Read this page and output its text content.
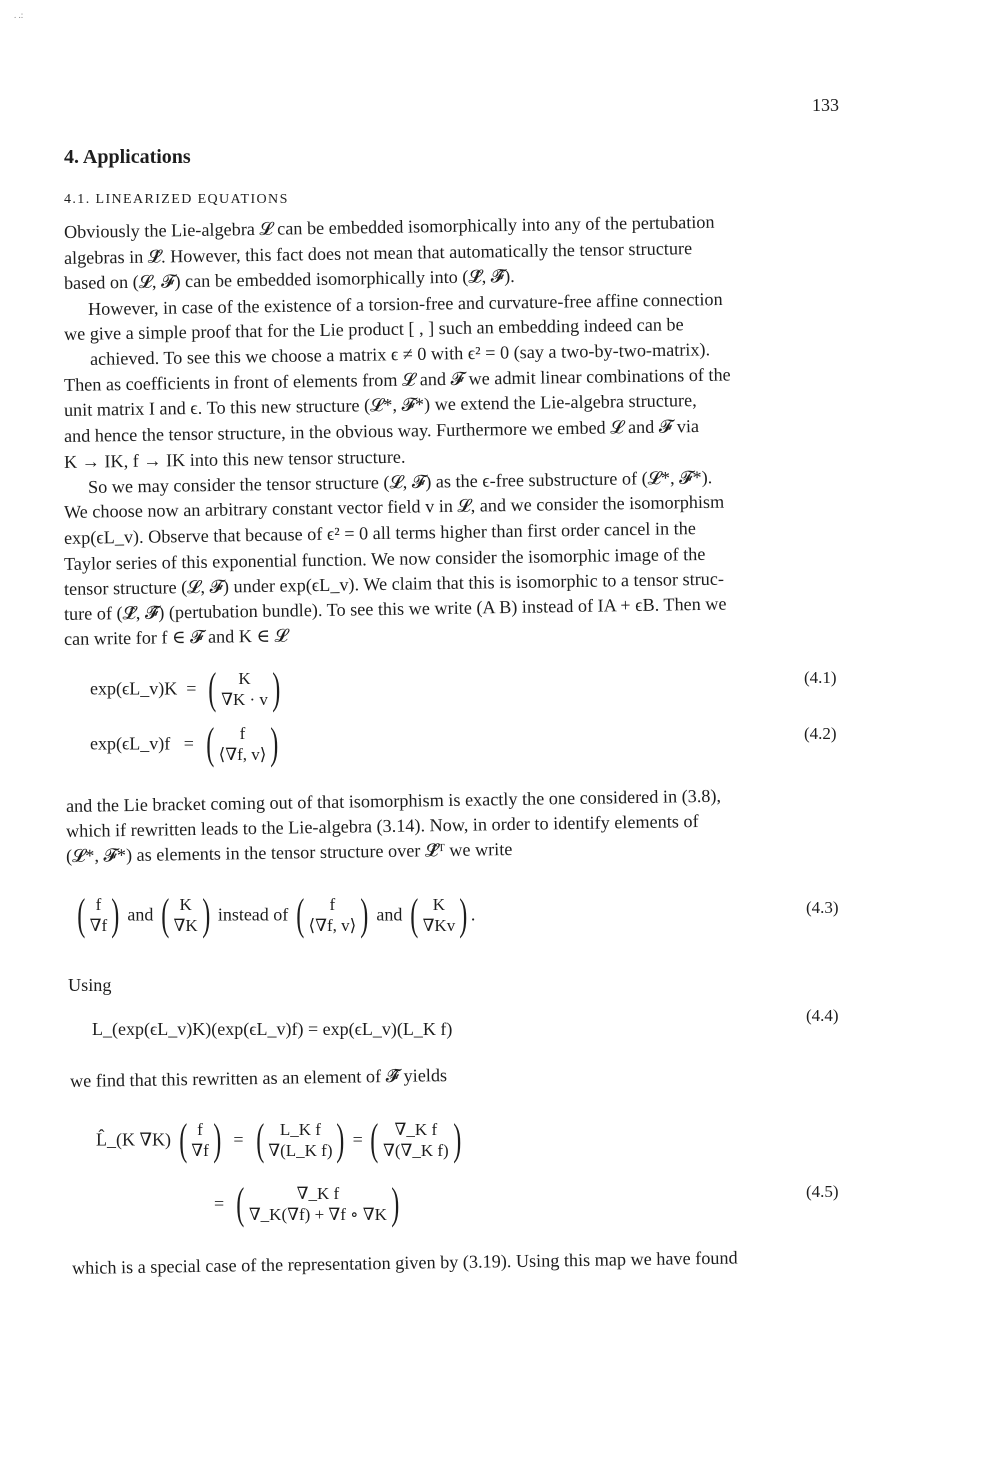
. .:
133
4. Applications
4.1. LINEARIZED EQUATIONS
Obviously the Lie-algebra 𝓛 can be embedded isomorphically into any of the pertubation
algebras in 𝓛̂. However, this fact does not mean that automatically the tensor structure
based on (𝓛, 𝓕) can be embedded isomorphically into (𝓛̂, 𝓕̂).
However, in case of the existence of a torsion-free and curvature-free affine connection
we give a simple proof that for the Lie product [ , ] such an embedding indeed can be
achieved. To see this we choose a matrix ϵ ≠ 0 with ϵ² = 0 (say a two-by-two-matrix).
Then as coefficients in front of elements from 𝓛 and 𝓕 we admit linear combinations of the
unit matrix I and ϵ. To this new structure (𝓛*, 𝓕*) we extend the Lie-algebra structure,
and hence the tensor structure, in the obvious way. Furthermore we embed 𝓛 and 𝓕 via
K → IK, f → IK into this new tensor structure.
So we may consider the tensor structure (𝓛, 𝓕) as the ϵ-free substructure of (𝓛*, 𝓕*).
We choose now an arbitrary constant vector field v in 𝓛, and we consider the isomorphism
exp(ϵL_v). Observe that because of ϵ² = 0 all terms higher than first order cancel in the
Taylor series of this exponential function. We now consider the isomorphic image of the
tensor structure (𝓛, 𝓕) under exp(ϵL_v). We claim that this is isomorphic to a tensor struc-
ture of (𝓛̂, 𝓕̂) (pertubation bundle). To see this we write (A B) instead of IA + ϵB. Then we
can write for f ∈ 𝓕 and K ∈ 𝓛
exp(ϵL_v)K = ( K
∇K · v )	(4.1)
exp(ϵL_v)f = ( f
⟨∇f, v⟩ )	(4.2)
and the Lie bracket coming out of that isomorphism is exactly the one considered in (3.8),
which if rewritten leads to the Lie-algebra (3.14). Now, in order to identify elements of
(𝓛*, 𝓕*) as elements in the tensor structure over 𝓛̂ᵀ we write
( f
∇f ) and ( K
∇K ) instead of ( f
⟨∇f, v⟩ ) and ( K
∇Kv ) .	(4.3)
Using
L_(exp(ϵL_v)K)(exp(ϵL_v)f) = exp(ϵL_v)(L_K f)
(4.4)
we find that this rewritten as an element of 𝓕̂ yields
L̂_(K ∇K) ( f
∇f ) = ( L_K f
∇(L_K f) ) = ( ∇_K f
∇(∇_K f) )
= (	∇_K f
∇_K(∇f) + ∇f ∘ ∇K )	(4.5)
which is a special case of the representation given by (3.19). Using this map we have found
